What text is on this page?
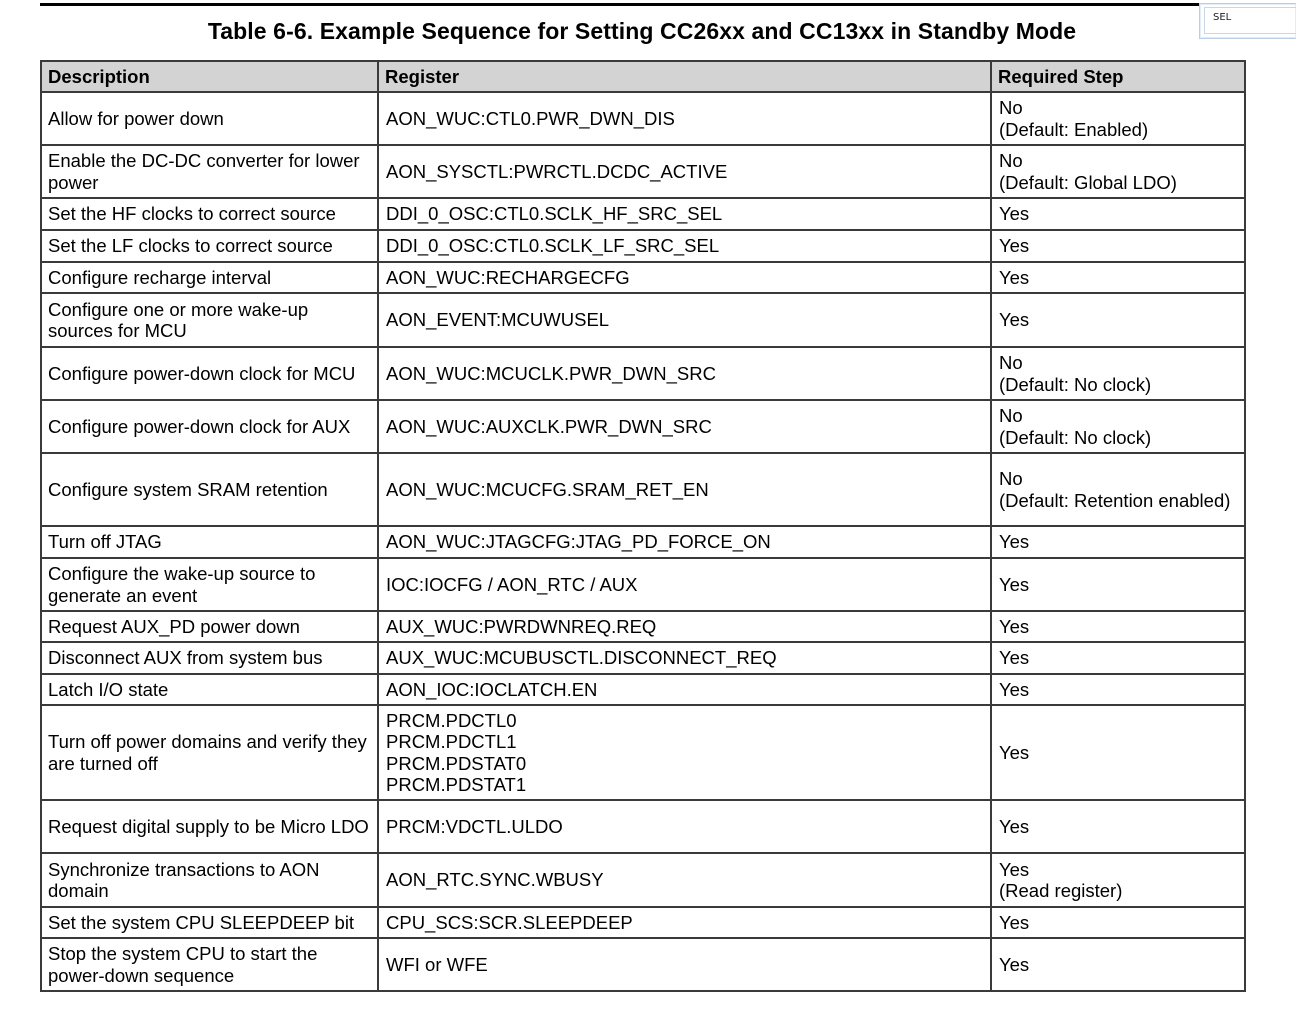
SEL
Table 6-6. Example Sequence for Setting CC26xx and CC13xx in Standby Mode
Description	Register	Required Step
Allow for power down	AON_WUC:CTL0.PWR_DWN_DIS	No
(Default: Enabled)

Enable the DC-DC converter for lower power	AON_SYSCTL:PWRCTL.DCDC_ACTIVE	No
(Default: Global LDO)

Set the HF clocks to correct source	DDI_0_OSC:CTL0.SCLK_HF_SRC_SEL	Yes

Set the LF clocks to correct source	DDI_0_OSC:CTL0.SCLK_LF_SRC_SEL	Yes

Configure recharge interval	AON_WUC:RECHARGECFG	Yes

Configure one or more wake-up sources for MCU	AON_EVENT:MCUWUSEL	Yes

Configure power-down clock for MCU	AON_WUC:MCUCLK.PWR_DWN_SRC	No
(Default: No clock)

Configure power-down clock for AUX	AON_WUC:AUXCLK.PWR_DWN_SRC	No
(Default: No clock)

Configure system SRAM retention	AON_WUC:MCUCFG.SRAM_RET_EN	No
(Default: Retention enabled)

Turn off JTAG	AON_WUC:JTAGCFG:JTAG_PD_FORCE_ON	Yes

Configure the wake-up source to generate an event	IOC:IOCFG / AON_RTC / AUX	Yes

Request AUX_PD power down	AUX_WUC:PWRDWNREQ.REQ	Yes

Disconnect AUX from system bus	AUX_WUC:MCUBUSCTL.DISCONNECT_REQ	Yes

Latch I/O state	AON_IOC:IOCLATCH.EN	Yes

Turn off power domains and verify they are turned off	PRCM.PDCTL0
PRCM.PDCTL1
PRCM.PDSTAT0
PRCM.PDSTAT1	Yes

Request digital supply to be Micro LDO	PRCM:VDCTL.ULDO	Yes

Synchronize transactions to AON domain	AON_RTC.SYNC.WBUSY	Yes
(Read register)

Set the system CPU SLEEPDEEP bit	CPU_SCS:SCR.SLEEPDEEP	Yes

Stop the system CPU to start the power-down sequence	WFI or WFE	Yes
